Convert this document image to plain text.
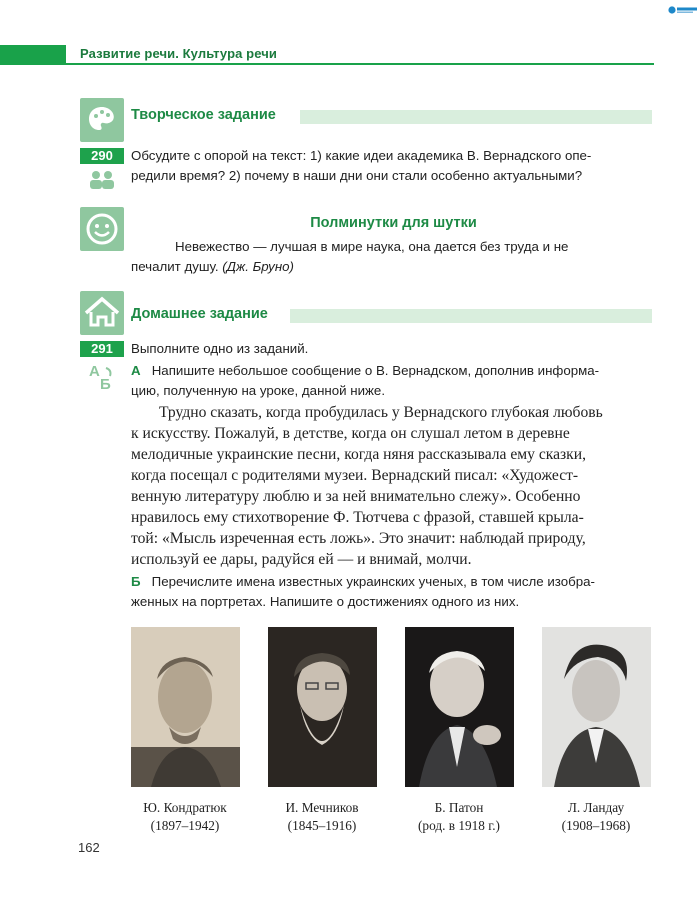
Развитие речи. Культура речи
Творческое задание
290	Обсудите с опорой на текст: 1) какие идеи академика В. Вернадского опе-
редили время? 2) почему в наши дни они стали особенно актуальными?
Полминутки для шутки
Невежество — лучшая в мире наука, она дается без труда и не
печалит душу. (Дж. Бруно)
Домашнее задание
291
А
Б
Выполните одно из заданий.
А Напишите небольшое сообщение о В. Вернадском, дополнив информа-
цию, полученную на уроке, данной ниже.
Трудно сказать, когда пробудилась у Вернадского глубокая любовь
к искусству. Пожалуй, в детстве, когда он слушал летом в деревне
мелодичные украинские песни, когда няня рассказывала ему сказки,
когда посещал с родителями музеи. Вернадский писал: «Художест-
венную литературу люблю и за ней внимательно слежу». Особенно
нравилось ему стихотворение Ф. Тютчева с фразой, ставшей крыла-
той: «Мысль изреченная есть ложь». Это значит: наблюдай природу,
используй ее дары, радуйся ей — и внимай, молчи.
Б Перечислите имена известных украинских ученых, в том числе изобра-
женных на портретах. Напишите о достижениях одного из них.
Ю. Кондратюк
(1897–1942)
И. Мечников
(1845–1916)
Б. Патон
(род. в 1918 г.)
Л. Ландау
(1908–1968)
162
